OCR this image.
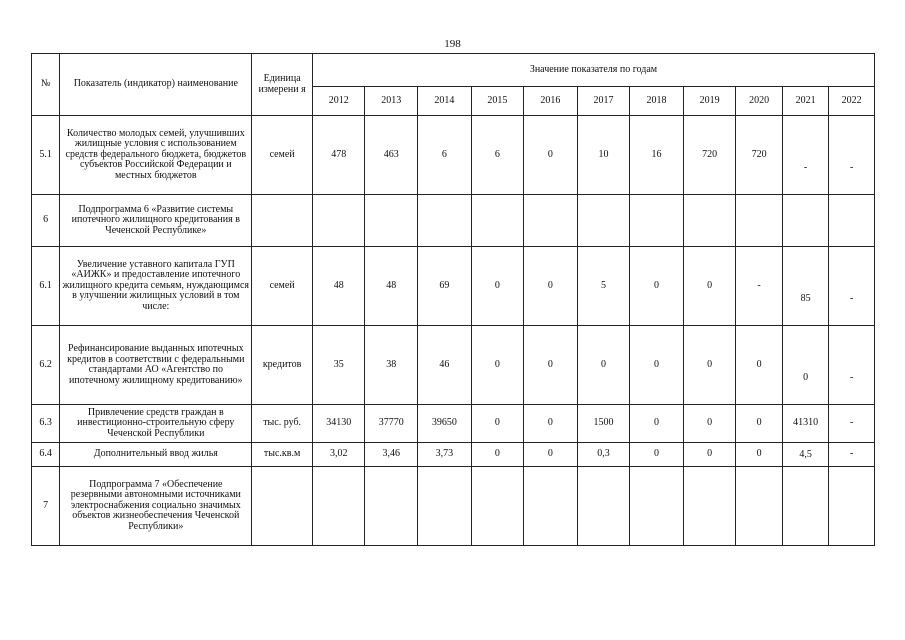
198
№	Показатель (индикатор) наименование	Единица измерени я	Значение показателя по годам										
			2012	2013	2014	2015	2016	2017	2018	2019	2020	2021	2022
5.1	Количество молодых семей, улучшивших жилищные условия с использованием средств федерального бюджета, бюджетов субъектов Российской Федерации и местных бюджетов	семей	478	463	6	6	0	10	16	720	720	-	-
6	Подпрограмма 6 «Развитие системы ипотечного жилищного кредитования в Чеченской Республике»												
6.1	Увеличение уставного капитала ГУП «АИЖК» и предоставление ипотечного жилищного кредита семьям, нуждающимся в улучшении жилищных условий в том числе:	семей	48	48	69	0	0	5	0	0	-	85	-
6.2	Рефинансирование выданных ипотечных кредитов в соответствии с федеральными стандартами АО «Агентство по ипотечному жилищному кредитованию»	кредитов	35	38	46	0	0	0	0	0	0	0	-
6.3	Привлечение средств граждан в инвестиционно-строительную сферу Чеченской Республики	тыс. руб.	34130	37770	39650	0	0	1500	0	0	0	41310	-
6.4	Дополнительный ввод жилья	тыс.кв.м	3,02	3,46	3,73	0	0	0,3	0	0	0	4,5	-
7	Подпрограмма 7 «Обеспечение резервными автономными источниками электроснабжения социально значимых объектов жизнеобеспечения Чеченской Республики»												
